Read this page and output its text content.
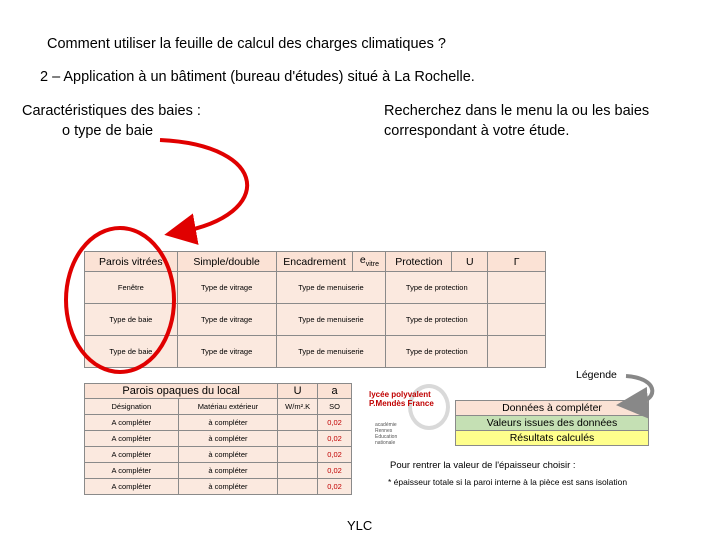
Comment utiliser la feuille de calcul des charges climatiques ?
2 – Application à un bâtiment (bureau d'études) situé à La Rochelle.
Caractéristiques des baies :
o type de baie
Recherchez dans le menu la ou les baies
correspondant à votre étude.
Parois vitrées	Simple/double	Encadrement	$e_{vitre}$	Protection	U	Γ
Fenêtre	Type de vitrage	Type de menuiserie		Type de protection		
Type de baie	Type de vitrage	Type de menuiserie		Type de protection		
Type de baie	Type de vitrage	Type de menuiserie		Type de protection		
Parois opaques du local		U	a
Désignation	Matériau extérieur	W/m².K	SO
A compléter	à compléter		0,02
A compléter	à compléter		0,02
A compléter	à compléter		0,02
A compléter	à compléter		0,02
A compléter	à compléter		0,02
lycée polyvalent
P.Mendès France
académie
Rennes
Education
nationale
Légende
Données à compléter
Valeurs issues des données
Résultats calculés
Pour rentrer la valeur de l'épaisseur choisir :
* épaisseur totale si la paroi interne à la pièce est sans isolation
YLC
